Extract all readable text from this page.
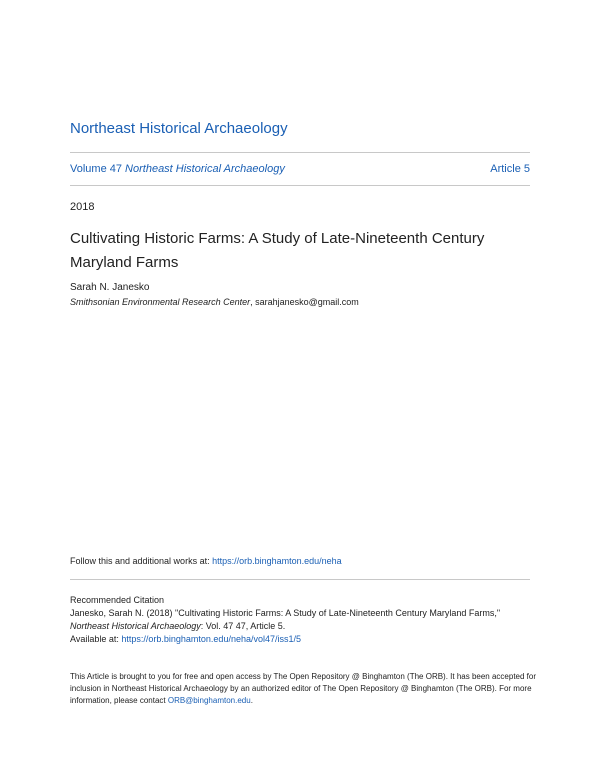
Northeast Historical Archaeology
Volume 47 Northeast Historical Archaeology	Article 5
2018
Cultivating Historic Farms: A Study of Late-Nineteenth Century Maryland Farms
Sarah N. Janesko
Smithsonian Environmental Research Center, sarahjanesko@gmail.com
Follow this and additional works at: https://orb.binghamton.edu/neha
Recommended Citation
Janesko, Sarah N. (2018) "Cultivating Historic Farms: A Study of Late-Nineteenth Century Maryland Farms," Northeast Historical Archaeology: Vol. 47 47, Article 5.
Available at: https://orb.binghamton.edu/neha/vol47/iss1/5
This Article is brought to you for free and open access by The Open Repository @ Binghamton (The ORB). It has been accepted for inclusion in Northeast Historical Archaeology by an authorized editor of The Open Repository @ Binghamton (The ORB). For more information, please contact ORB@binghamton.edu.
